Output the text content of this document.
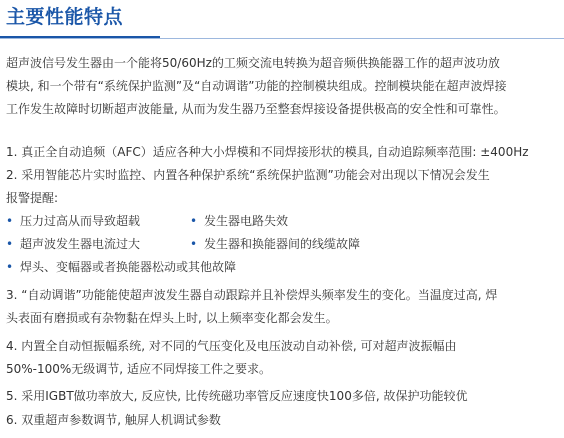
主要性能特点
超声波信号发生器由一个能将50/60Hz的工频交流电转换为超音频供换能器工作的超声波功放
模块, 和一个带有“系统保护监测”及“自动调谐”功能的控制模块组成。控制模块能在超声波焊接
工作发生故障时切断超声波能量, 从而为发生器乃至整套焊接设备提供极高的安全性和可靠性。
1. 真正全自动追频（AFC）适应各种大小焊模和不同焊接形状的模具, 自动追踪频率范围: ±400Hz
2. 采用智能芯片实时监控、内置各种保护系统“系统保护监测”功能会对出现以下情况会发生
报警提醒:
• 压力过高从而导致超载	• 发生器电路失效
• 超声波发生器电流过大	• 发生器和换能器间的线缆故障
• 焊头、变幅器或者换能器松动或其他故障
3. “自动调谐”功能能使超声波发生器自动跟踪并且补偿焊头频率发生的变化。当温度过高, 焊
头表面有磨损或有杂物黏在焊头上时, 以上频率变化都会发生。
4. 内置全自动恒振幅系统, 对不同的气压变化及电压波动自动补偿, 可对超声波振幅由
50%-100%无级调节, 适应不同焊接工件之要求。
5. 采用IGBT做功率放大, 反应快, 比传统磁功率管反应速度快100多倍, 故保护功能较优
6. 双重超声参数调节, 触屏人机调试参数
